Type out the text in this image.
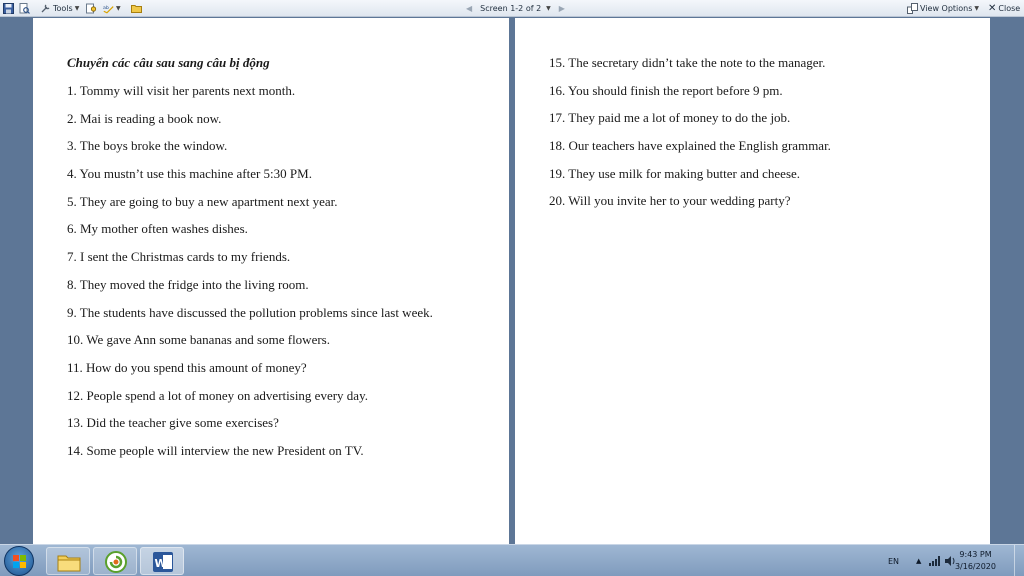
Tools ▼	ab ▼	◀ Screen 1-2 of 2 ▼ ▶	View Options ▼ ✕ Close
Chuyển các câu sau sang câu bị động

1. Tommy will visit her parents next month.

2. Mai is reading a book now.

3. The boys broke the window.

4. You mustn’t use this machine after 5:30 PM.

5. They are going to buy a new apartment next year.

6. My mother often washes dishes.

7. I sent the Christmas cards to my friends.

8. They moved the fridge into the living room.

9. The students have discussed the pollution problems since last week.

10. We gave Ann some bananas and some flowers.

11. How do you spend this amount of money?

12. People spend a lot of money on advertising every day.

13. Did the teacher give some exercises?

14. Some people will interview the new President on TV.

15. The secretary didn’t take the note to the manager.

16. You should finish the report before 9 pm.

17. They paid me a lot of money to do the job.

18. Our teachers have explained the English grammar.

19. They use milk for making butter and cheese.

20. Will you invite her to your wedding party?

W	EN ▲
9:43 PM
3/16/2020
